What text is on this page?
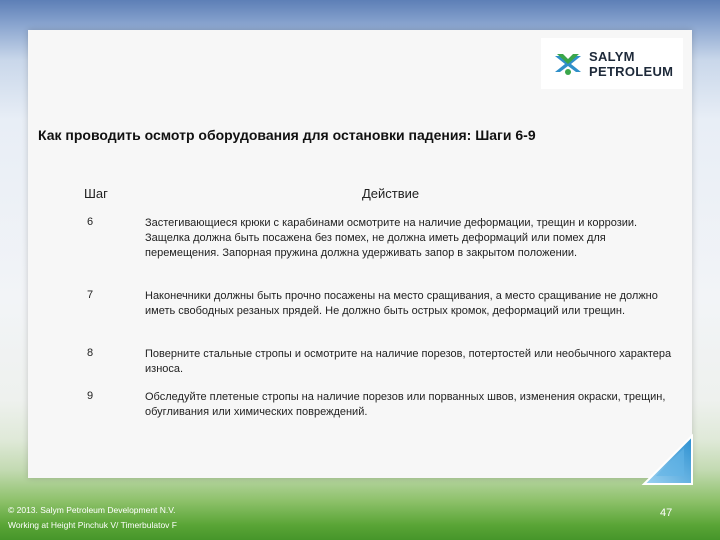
SALYM
PETROLEUM
Как проводить осмотр оборудования для остановки падения: Шаги 6-9
Шаг	Действие
6	Застегивающиеся крюки с карабинами осмотрите на наличие деформации, трещин и коррозии. Защелка должна быть посажена без помех, не должна иметь деформаций или помех для перемещения. Запорная пружина должна удерживать запор в закрытом положении.
7	Наконечники должны быть прочно посажены на место сращивания, а место сращивание не должно иметь свободных резаных прядей. Не должно быть острых кромок, деформаций или трещин.
8	Поверните стальные стропы и осмотрите на наличие порезов, потертостей или необычного характера износа.
9	Обследуйте плетеные стропы на наличие порезов или порванных швов, изменения окраски, трещин, обугливания или химических повреждений.
© 2013. Salym Petroleum Development N.V.
Working at Height Pinchuk V/ Timerbulatov F
47
